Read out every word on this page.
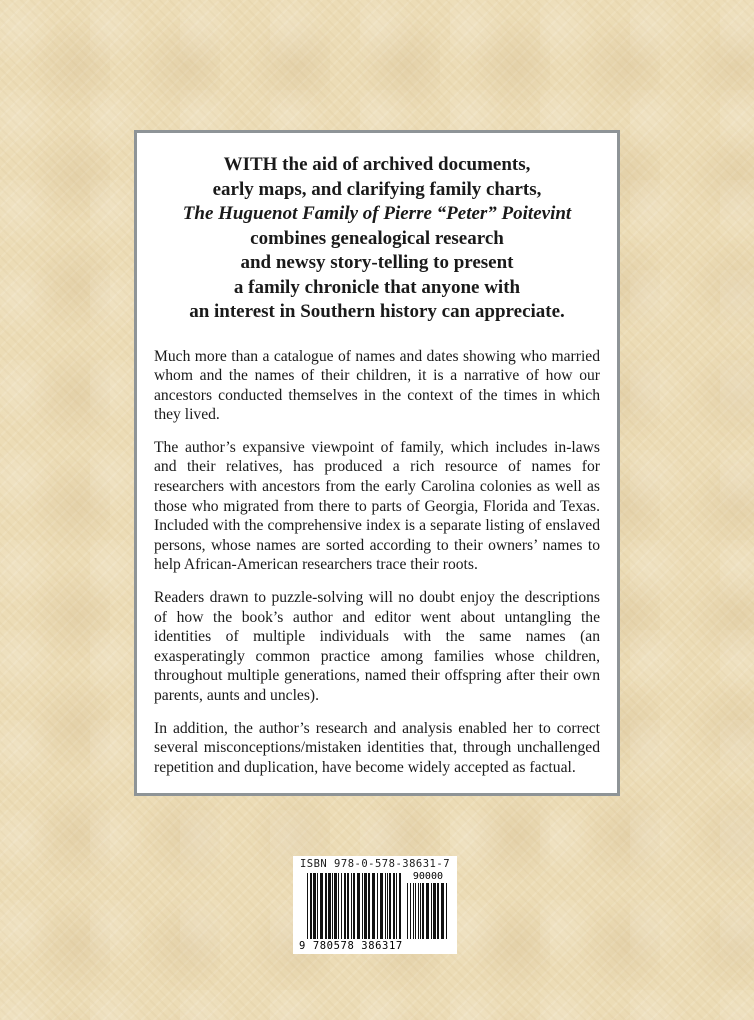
WITH the aid of archived documents,
early maps, and clarifying family charts,
The Huguenot Family of Pierre “Peter” Poitevint
combines genealogical research
and newsy story-telling to present
a family chronicle that anyone with
an interest in Southern history can appreciate.

Much more than a catalogue of names and dates showing who married whom and the names of their children, it is a narrative of how our ancestors conducted themselves in the context of the times in which they lived.

The author’s expansive viewpoint of family, which includes in-laws and their relatives, has produced a rich resource of names for researchers with ancestors from the early Carolina colonies as well as those who migrated from there to parts of Georgia, Florida and Texas. Included with the comprehensive index is a separate listing of enslaved persons, whose names are sorted according to their owners’ names to help African-American researchers trace their roots.

Readers drawn to puzzle-solving will no doubt enjoy the descriptions of how the book’s author and editor went about untangling the identities of multiple individuals with the same names (an exasperatingly common practice among families whose children, throughout multiple generations, named their offspring after their own parents, aunts and uncles).

In addition, the author’s research and analysis enabled her to correct several misconceptions/mistaken identities that, through unchallenged repetition and duplication, have become widely accepted as factual.

ISBN 978-0-578-38631-7
90000
9 780578 386317
